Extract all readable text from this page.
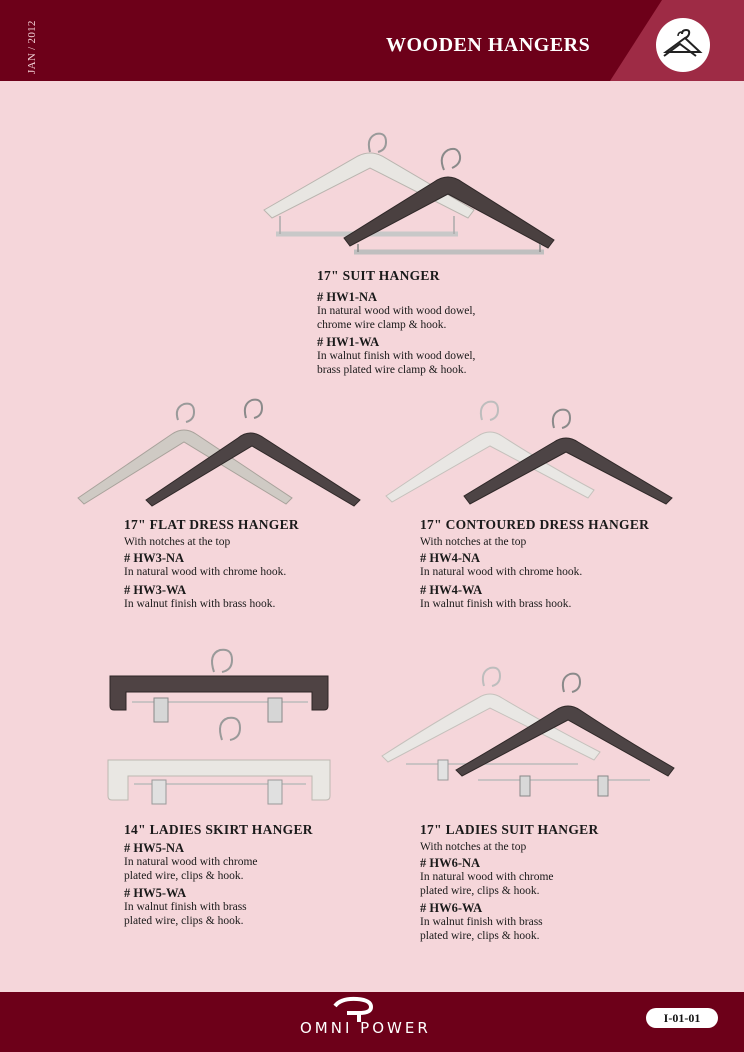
JAN / 2012	WOODEN HANGERS
17" SUIT HANGER
# HW1-NA
In natural wood with wood dowel,
chrome wire clamp & hook.
# HW1-WA
In walnut finish with wood dowel,
brass plated wire clamp & hook.
17" FLAT DRESS HANGER
With notches at the top
# HW3-NA
In natural wood with chrome hook.
# HW3-WA
In walnut finish with brass hook.
17" CONTOURED DRESS HANGER
With notches at the top
# HW4-NA
In natural wood with chrome hook.
# HW4-WA
In walnut finish with brass hook.
14" LADIES SKIRT HANGER
# HW5-NA
In natural wood with chrome
plated wire, clips & hook.
# HW5-WA
In walnut finish with brass
plated wire, clips & hook.
17" LADIES SUIT HANGER
With notches at the top
# HW6-NA
In natural wood with chrome
plated wire, clips & hook.
# HW6-WA
In walnut finish with brass
plated wire, clips & hook.
OMNI POWER
I-01-01
